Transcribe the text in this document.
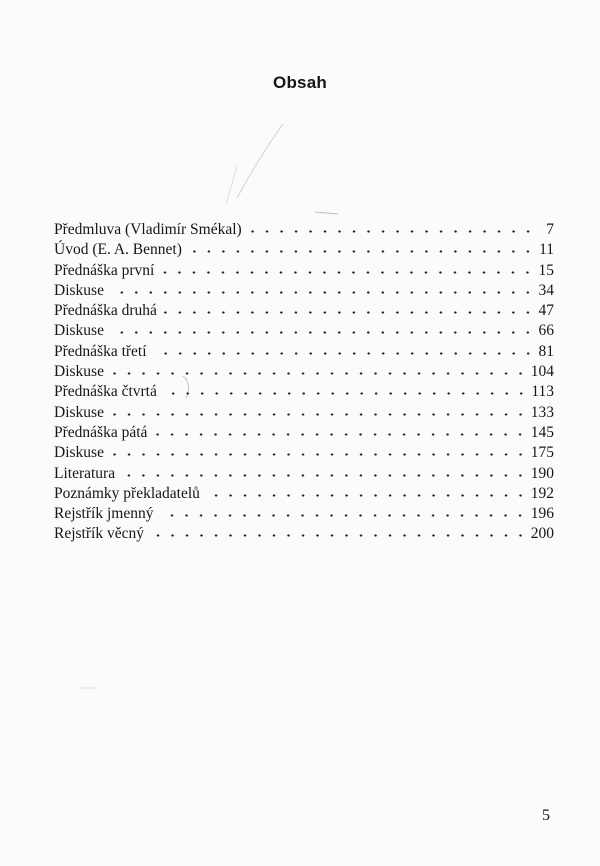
Obsah
Předmluva (Vladimír Smékal)	7
Úvod (E. A. Bennet)	11
Přednáška první	15
Diskuse	34
Přednáška druhá	47
Diskuse	66
Přednáška třetí	81
Diskuse	104
Přednáška čtvrtá	113
Diskuse	133
Přednáška pátá	145
Diskuse	175
Literatura	190
Poznámky překladatelů	192
Rejstřík jmenný	196
Rejstřík věcný	200
5
